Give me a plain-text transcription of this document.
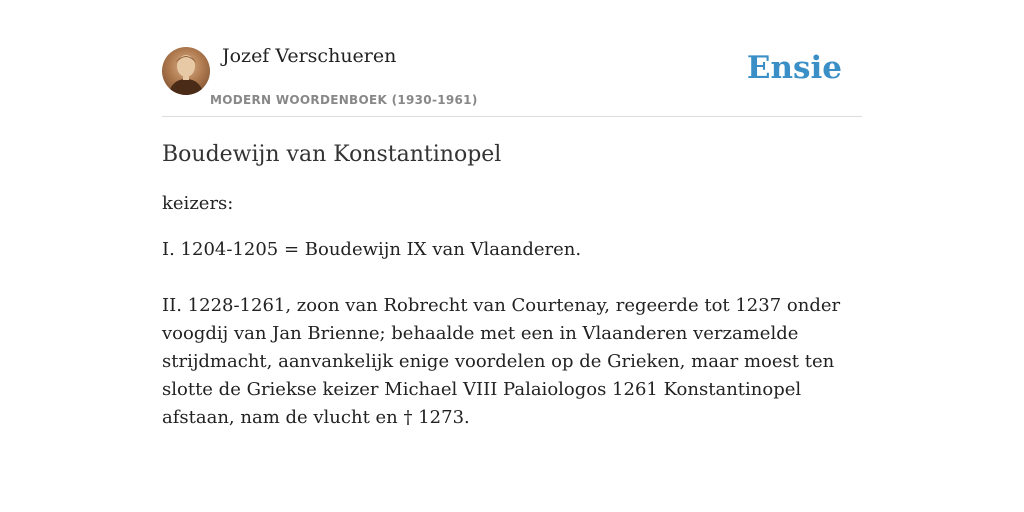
Jozef Verschueren
MODERN WOORDENBOEK (1930-1961)
Ensie
Boudewijn van Konstantinopel

keizers:

I. 1204-1205 = Boudewijn IX van Vlaanderen.

II. 1228-1261, zoon van Robrecht van Courtenay, regeerde tot 1237 onder voogdij van Jan Brienne; behaalde met een in Vlaanderen verzamelde strijdmacht, aanvankelijk enige voordelen op de Grieken, maar moest ten slotte de Griekse keizer Michael VIII Palaiologos 1261 Konstantinopel afstaan, nam de vlucht en † 1273.
